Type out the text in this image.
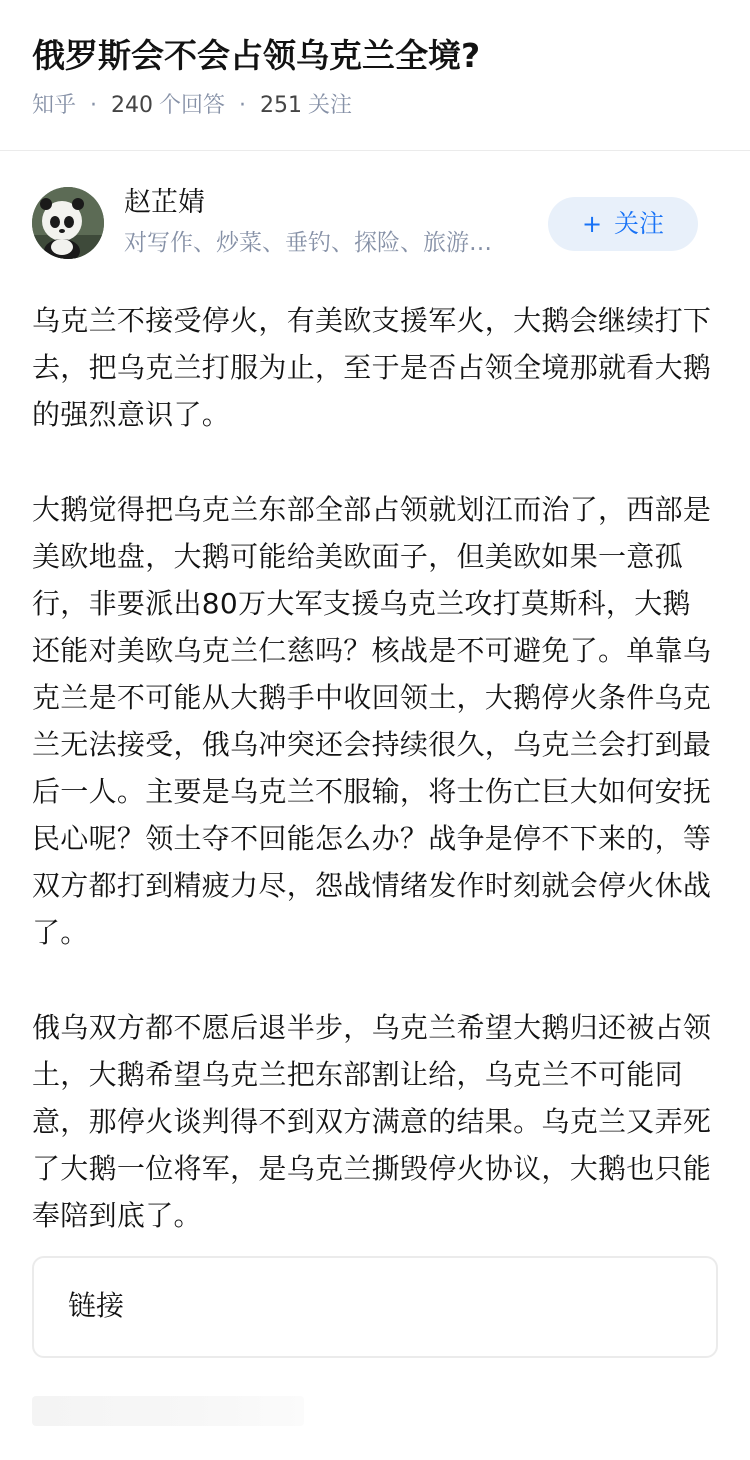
俄罗斯会不会占领乌克兰全境?
知乎 · 240 个回答 · 251 关注
赵芷婧
对写作、炒菜、垂钓、探险、旅游…
+ 关注

乌克兰不接受停火，有美欧支援军火，大鹅会继续打下去，把乌克兰打服为止，至于是否占领全境那就看大鹅的强烈意识了。

大鹅觉得把乌克兰东部全部占领就划江而治了，西部是美欧地盘，大鹅可能给美欧面子，但美欧如果一意孤行，非要派出80万大军支援乌克兰攻打莫斯科，大鹅还能对美欧乌克兰仁慈吗？核战是不可避免了。单靠乌克兰是不可能从大鹅手中收回领土，大鹅停火条件乌克兰无法接受，俄乌冲突还会持续很久，乌克兰会打到最后一人。主要是乌克兰不服输，将士伤亡巨大如何安抚民心呢？领土夺不回能怎么办？战争是停不下来的，等双方都打到精疲力尽，怨战情绪发作时刻就会停火休战了。

俄乌双方都不愿后退半步，乌克兰希望大鹅归还被占领土，大鹅希望乌克兰把东部割让给，乌克兰不可能同意，那停火谈判得不到双方满意的结果。乌克兰又弄死了大鹅一位将军，是乌克兰撕毁停火协议，大鹅也只能奉陪到底了。

链接
